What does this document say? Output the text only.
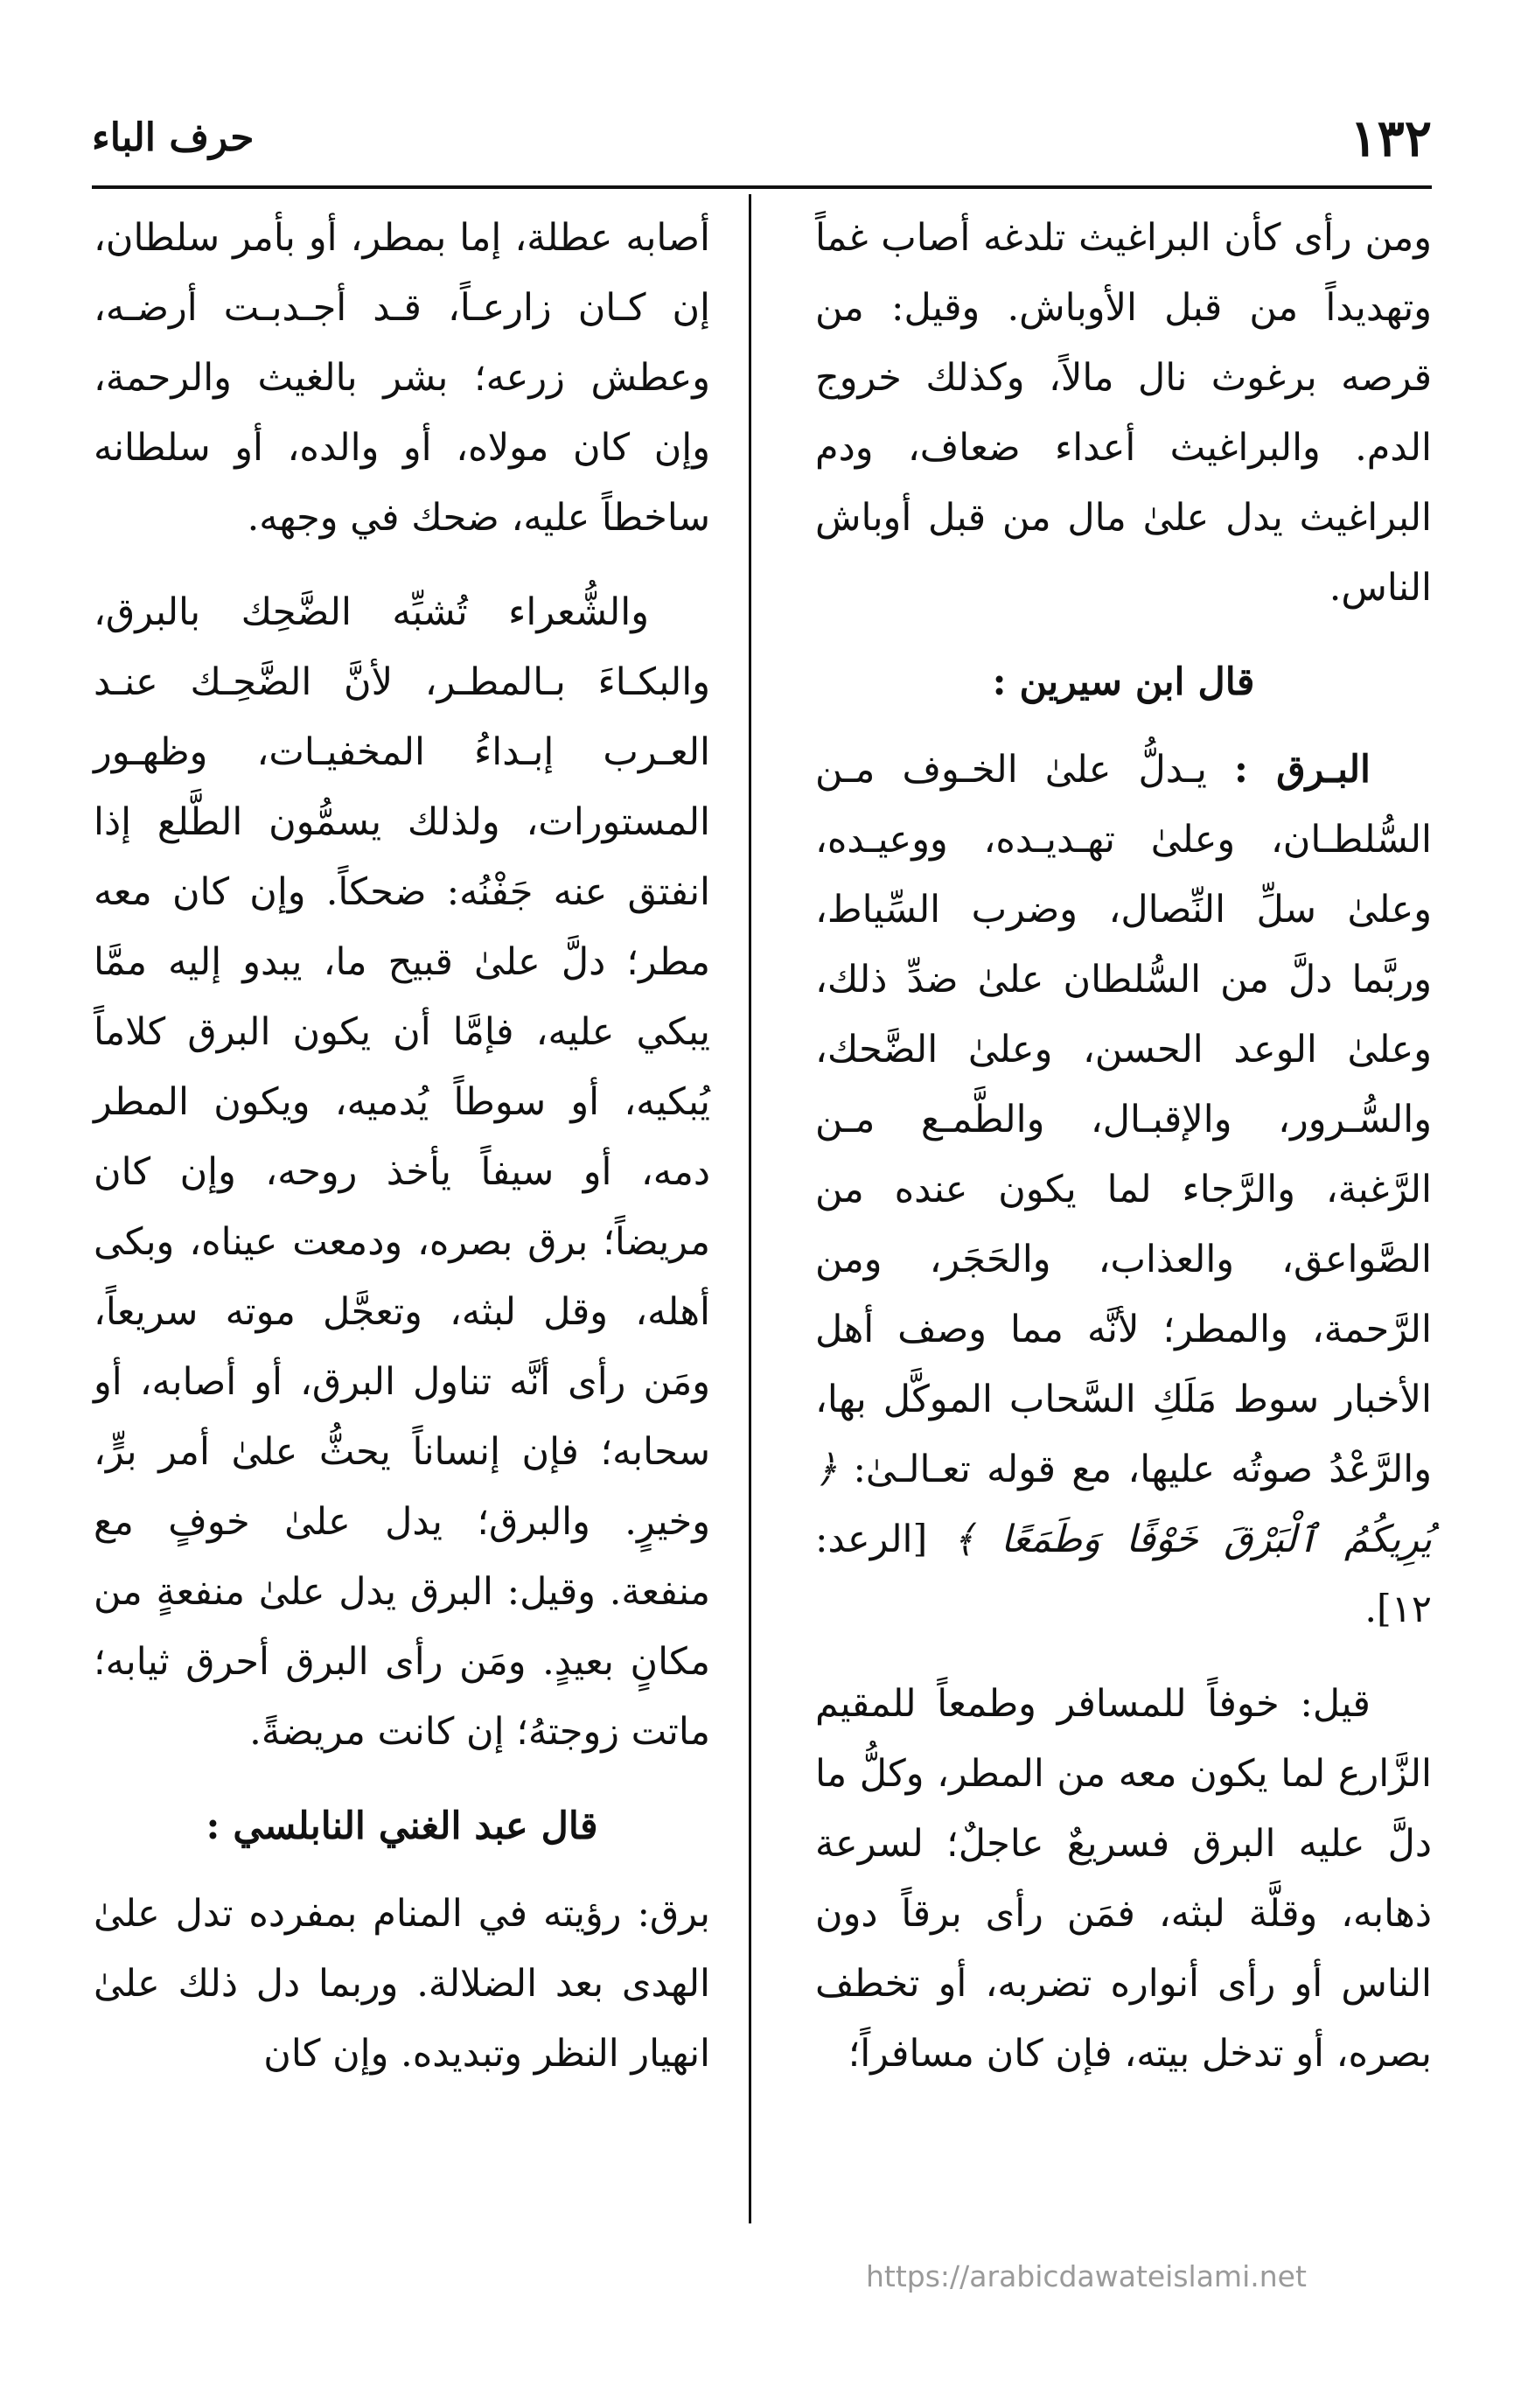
١٣٢
حرف الباء

ومن رأى كأن البراغيث تلدغه أصاب غماً وتهديداً من قبل الأوباش. وقيل: من قرصه برغوث نال مالاً، وكذلك خروج الدم. والبراغيث أعداء ضعاف، ودم البراغيث يدل علىٰ مال من قبل أوباش الناس.

قال ابن سيرين :

البـرق : يـدلُّ علىٰ الخـوف مـن السُّلطـان، وعلىٰ تهـديـده، ووعيـده، وعلىٰ سلِّ النِّصال، وضرب السِّياط، وربَّما دلَّ من السُّلطان علىٰ ضدِّ ذلك، وعلىٰ الوعد الحسن، وعلىٰ الضَّحك، والسُّـرور، والإقبـال، والطَّمـع مـن الرَّغبة، والرَّجاء لما يكون عنده من الصَّواعق، والعذاب، والحَجَر، ومن الرَّحمة، والمطر؛ لأنَّه مما وصف أهل الأخبار سوط مَلَكِ السَّحاب الموكَّل بها، والرَّعْدُ صوتُه عليها، مع قوله تعـالـىٰ: ﴿ يُرِيكُمُ ٱلْبَرْقَ خَوْفًا وَطَمَعًا ﴾ [الرعد: ١٢].

قيل: خوفاً للمسافر وطمعاً للمقيم الزَّارع لما يكون معه من المطر، وكلُّ ما دلَّ عليه البرق فسريعٌ عاجلٌ؛ لسرعة ذهابه، وقلَّة لبثه، فمَن رأى برقاً دون الناس أو رأى أنواره تضربه، أو تخطف بصره، أو تدخل بيته، فإن كان مسافراً؛

أصابه عطلة، إما بمطر، أو بأمر سلطان، إن كـان زارعـاً، قـد أجـدبـت أرضـه، وعطش زرعه؛ بشر بالغيث والرحمة، وإن كان مولاه، أو والده، أو سلطانه ساخطاً عليه، ضحك في وجهه.

والشُّعراء تُشبِّه الضَّحِك بالبرق، والبكـاءَ بـالمطـر، لأنَّ الضَّحِـك عنـد العـرب إبـداءُ المخفيـات، وظهـور المستورات، ولذلك يسمُّون الطَّلع إذا انفتق عنه جَفْنُه: ضحكاً. وإن كان معه مطر؛ دلَّ علىٰ قبيح ما، يبدو إليه ممَّا يبكي عليه، فإمَّا أن يكون البرق كلاماً يُبكيه، أو سوطاً يُدميه، ويكون المطر دمه، أو سيفاً يأخذ روحه، وإن كان مريضاً؛ برق بصره، ودمعت عيناه، وبكى أهله، وقل لبثه، وتعجَّل موته سريعاً، ومَن رأى أنَّه تناول البرق، أو أصابه، أو سحابه؛ فإن إنساناً يحثُّ علىٰ أمر برٍّ، وخيرٍ. والبرق؛ يدل علىٰ خوفٍ مع منفعة. وقيل: البرق يدل علىٰ منفعةٍ من مكانٍ بعيدٍ. ومَن رأى البرق أحرق ثيابه؛ ماتت زوجتهُ؛ إن كانت مريضةً.

قال عبد الغني النابلسي :

برق: رؤيته في المنام بمفرده تدل علىٰ الهدى بعد الضلالة. وربما دل ذلك علىٰ انهيار النظر وتبديده. وإن كان

https://arabicdawateislami.net
